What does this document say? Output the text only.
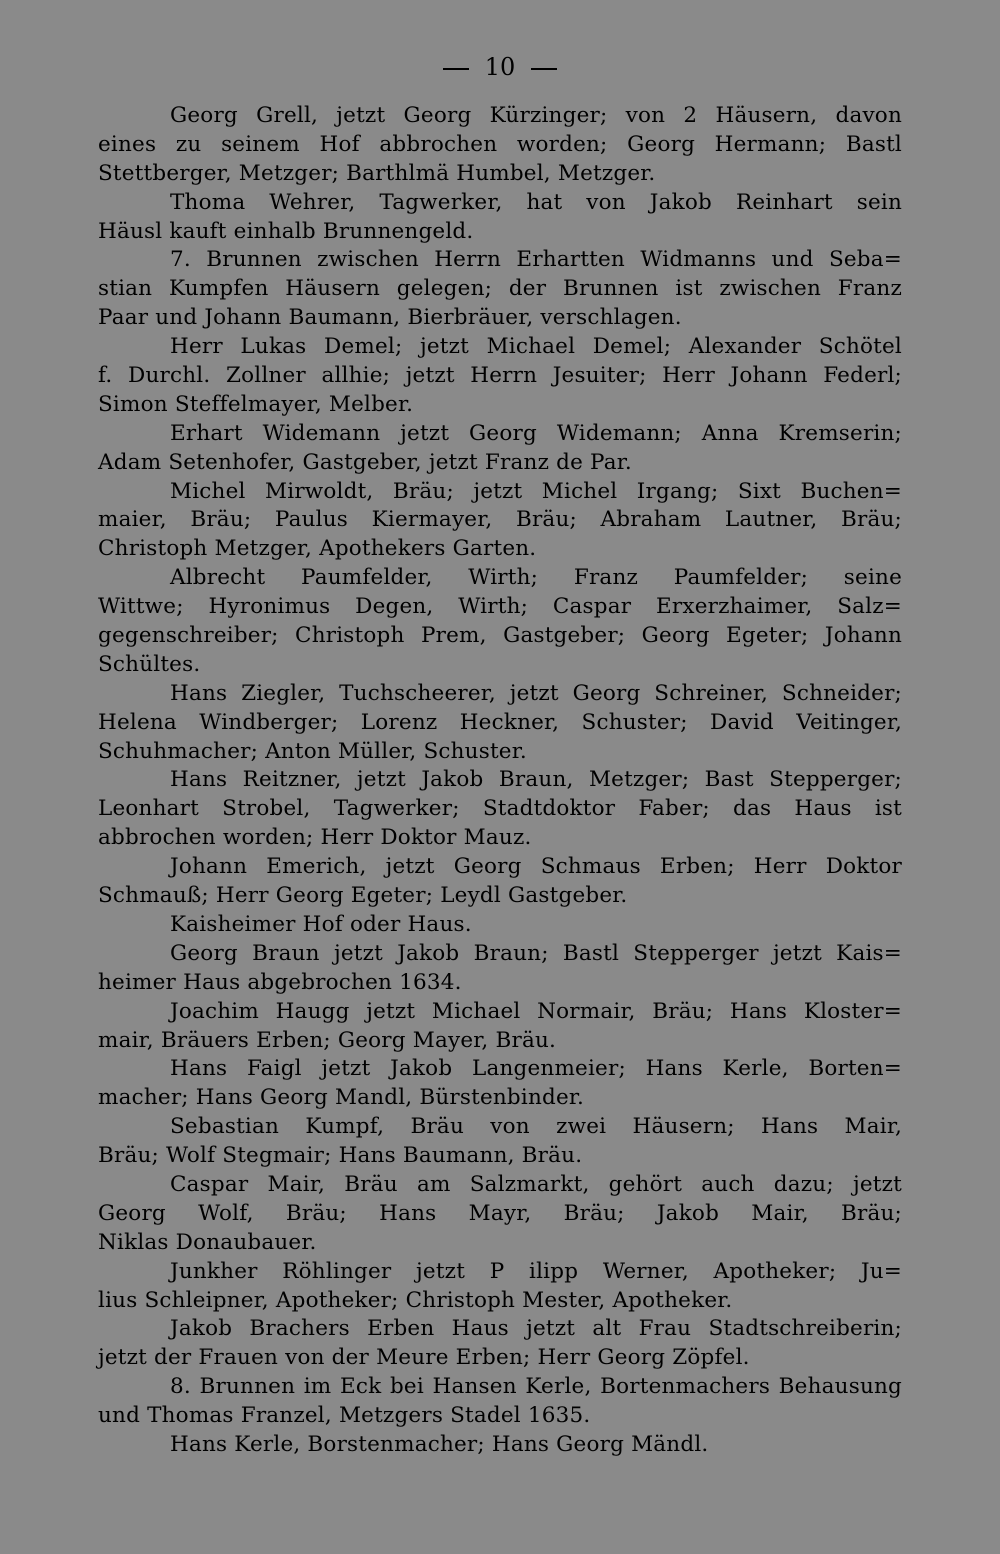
10
Georg Grell, jetzt Georg Kürzinger; von 2 Häusern, davon
eines zu seinem Hof abbrochen worden; Georg Hermann; Bastl
Stettberger, Metzger; Barthlmä Humbel, Metzger.
Thoma Wehrer, Tagwerker, hat von Jakob Reinhart sein
Häusl kauft einhalb Brunnengeld.
7. Brunnen zwischen Herrn Erhartten Widmanns und Seba=
stian Kumpfen Häusern gelegen; der Brunnen ist zwischen Franz
Paar und Johann Baumann, Bierbräuer, verschlagen.
Herr Lukas Demel; jetzt Michael Demel; Alexander Schötel
f. Durchl. Zollner allhie; jetzt Herrn Jesuiter; Herr Johann Federl;
Simon Steffelmayer, Melber.
Erhart Widemann jetzt Georg Widemann; Anna Kremserin;
Adam Setenhofer, Gastgeber, jetzt Franz de Par.
Michel Mirwoldt, Bräu; jetzt Michel Irgang; Sixt Buchen=
maier, Bräu; Paulus Kiermayer, Bräu; Abraham Lautner, Bräu;
Christoph Metzger, Apothekers Garten.
Albrecht Paumfelder, Wirth; Franz Paumfelder; seine
Wittwe; Hyronimus Degen, Wirth; Caspar Erxerzhaimer, Salz=
gegenschreiber; Christoph Prem, Gastgeber; Georg Egeter; Johann
Schültes.
Hans Ziegler, Tuchscheerer, jetzt Georg Schreiner, Schneider;
Helena Windberger; Lorenz Heckner, Schuster; David Veitinger,
Schuhmacher; Anton Müller, Schuster.
Hans Reitzner, jetzt Jakob Braun, Metzger; Bast Stepperger;
Leonhart Strobel, Tagwerker; Stadtdoktor Faber; das Haus ist
abbrochen worden; Herr Doktor Mauz.
Johann Emerich, jetzt Georg Schmaus Erben; Herr Doktor
Schmauß; Herr Georg Egeter; Leydl Gastgeber.
Kaisheimer Hof oder Haus.
Georg Braun jetzt Jakob Braun; Bastl Stepperger jetzt Kais=
heimer Haus abgebrochen 1634.
Joachim Haugg jetzt Michael Normair, Bräu; Hans Kloster=
mair, Bräuers Erben; Georg Mayer, Bräu.
Hans Faigl jetzt Jakob Langenmeier; Hans Kerle, Borten=
macher; Hans Georg Mandl, Bürstenbinder.
Sebastian Kumpf, Bräu von zwei Häusern; Hans Mair,
Bräu; Wolf Stegmair; Hans Baumann, Bräu.
Caspar Mair, Bräu am Salzmarkt, gehört auch dazu; jetzt
Georg Wolf, Bräu; Hans Mayr, Bräu; Jakob Mair, Bräu;
Niklas Donaubauer.
Junkher Röhlinger jetzt P ilipp Werner, Apotheker; Ju=
lius Schleipner, Apotheker; Christoph Mester, Apotheker.
Jakob Brachers Erben Haus jetzt alt Frau Stadtschreiberin;
jetzt der Frauen von der Meure Erben; Herr Georg Zöpfel.
8. Brunnen im Eck bei Hansen Kerle, Bortenmachers Behausung
und Thomas Franzel, Metzgers Stadel 1635.
Hans Kerle, Borstenmacher; Hans Georg Mändl.
